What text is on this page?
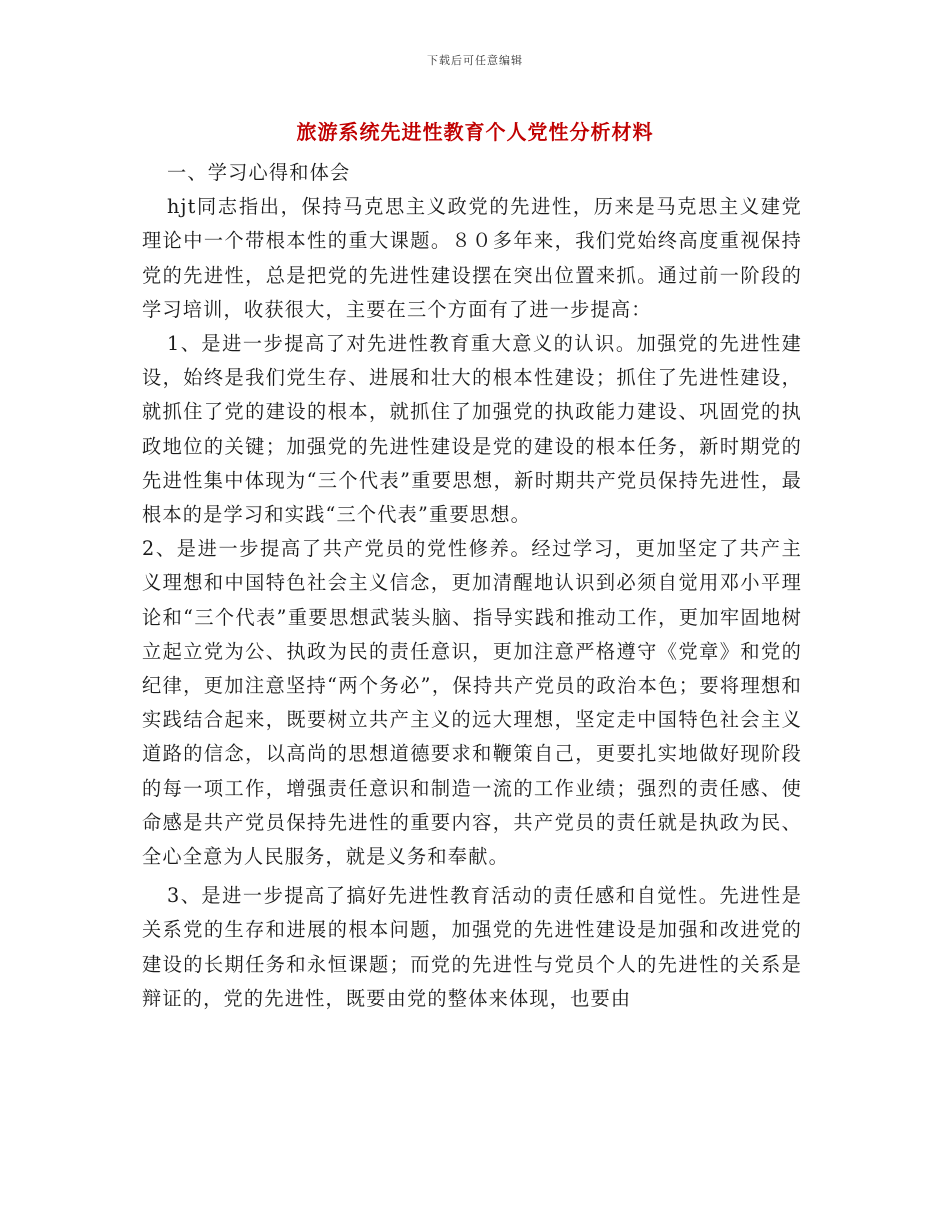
下载后可任意编辑
旅游系统先进性教育个人党性分析材料

一、学习心得和体会

hjt同志指出，保持马克思主义政党的先进性，历来是马克思主义建党理论中一个带根本性的重大课题。８０多年来，我们党始终高度重视保持党的先进性，总是把党的先进性建设摆在突出位置来抓。通过前一阶段的学习培训，收获很大，主要在三个方面有了进一步提高：

1、是进一步提高了对先进性教育重大意义的认识。加强党的先进性建设，始终是我们党生存、进展和壮大的根本性建设；抓住了先进性建设，就抓住了党的建设的根本，就抓住了加强党的执政能力建设、巩固党的执政地位的关键；加强党的先进性建设是党的建设的根本任务，新时期党的先进性集中体现为“三个代表”重要思想，新时期共产党员保持先进性，最根本的是学习和实践“三个代表”重要思想。

2、是进一步提高了共产党员的党性修养。经过学习，更加坚定了共产主义理想和中国特色社会主义信念，更加清醒地认识到必须自觉用邓小平理论和“三个代表”重要思想武装头脑、指导实践和推动工作，更加牢固地树立起立党为公、执政为民的责任意识，更加注意严格遵守《党章》和党的纪律，更加注意坚持“两个务必”，保持共产党员的政治本色；要将理想和实践结合起来，既要树立共产主义的远大理想，坚定走中国特色社会主义道路的信念，以高尚的思想道德要求和鞭策自己，更要扎实地做好现阶段的每一项工作，增强责任意识和制造一流的工作业绩；强烈的责任感、使命感是共产党员保持先进性的重要内容，共产党员的责任就是执政为民、全心全意为人民服务，就是义务和奉献。

3、是进一步提高了搞好先进性教育活动的责任感和自觉性。先进性是关系党的生存和进展的根本问题，加强党的先进性建设是加强和改进党的建设的长期任务和永恒课题；而党的先进性与党员个人的先进性的关系是辩证的，党的先进性，既要由党的整体来体现，也要由
